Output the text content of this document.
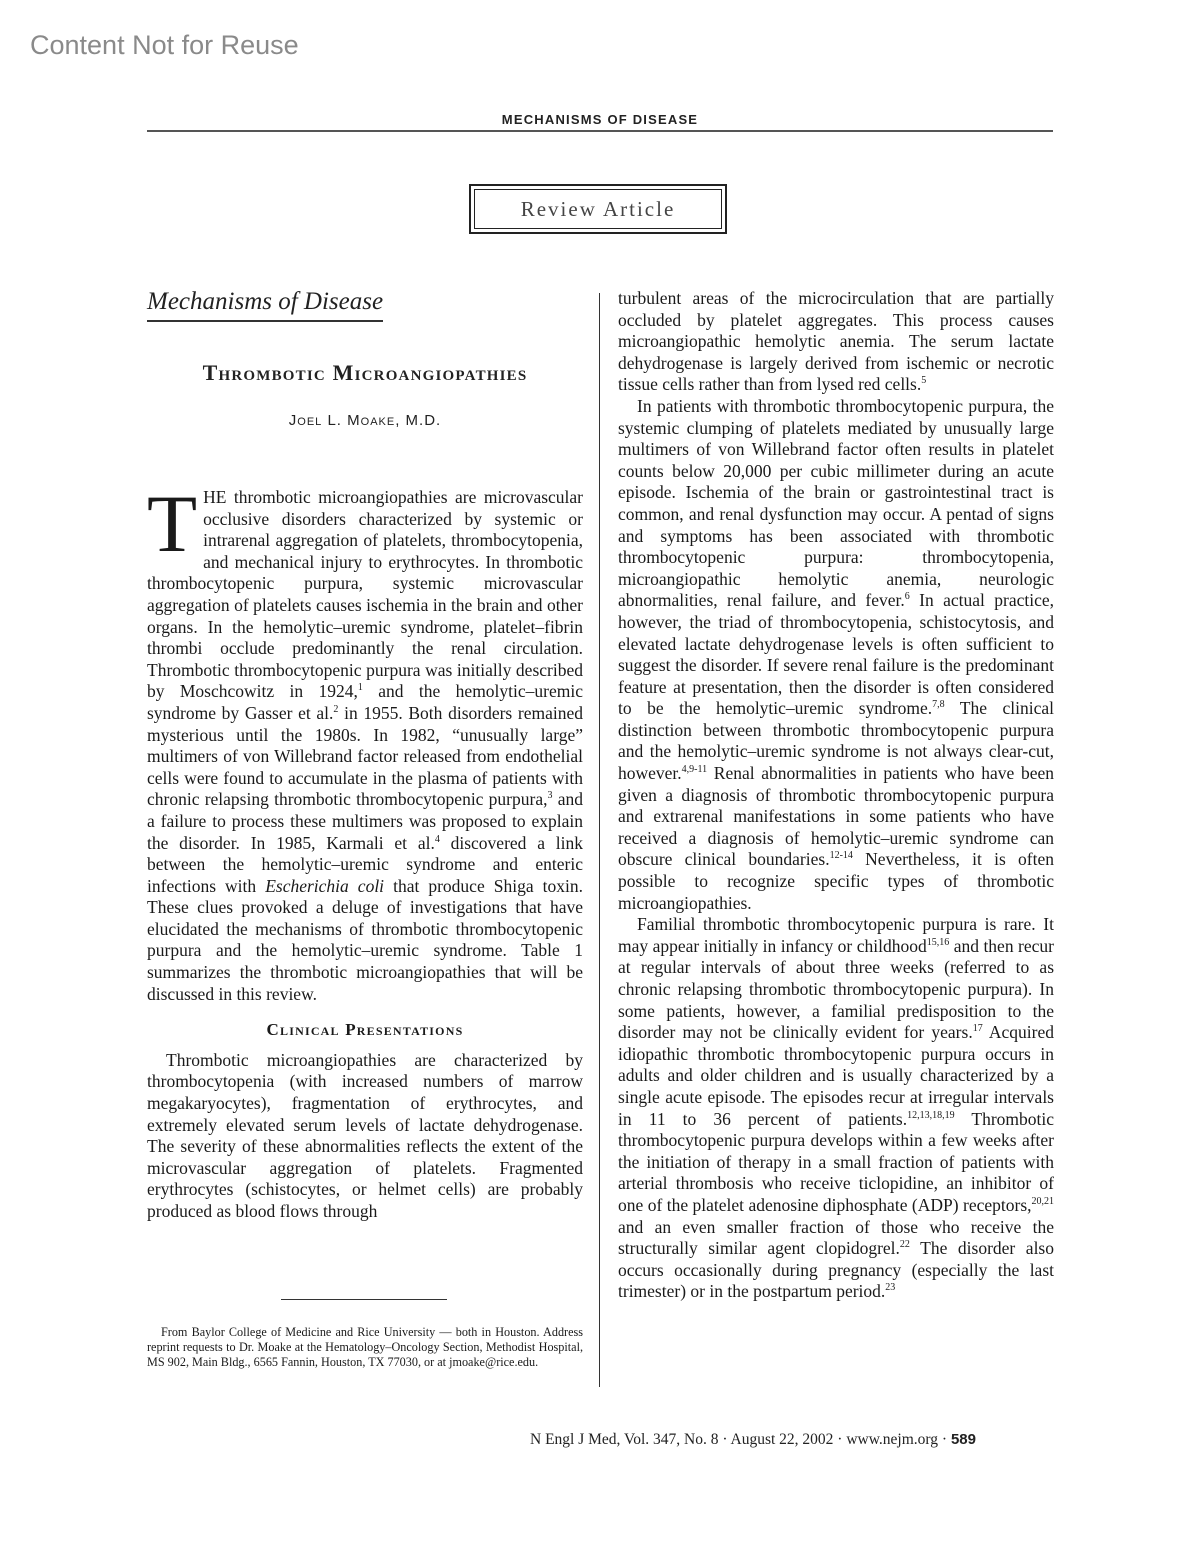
Content Not for Reuse
MECHANISMS OF DISEASE
Review Article
Mechanisms of Disease
Thrombotic Microangiopathies
Joel L. Moake, M.D.

THE thrombotic microangiopathies are microvascular occlusive disorders characterized by systemic or intrarenal aggregation of platelets, thrombocytopenia, and mechanical injury to erythrocytes. In thrombotic thrombocytopenic purpura, systemic microvascular aggregation of platelets causes ischemia in the brain and other organs. In the hemolytic–uremic syndrome, platelet–fibrin thrombi occlude predominantly the renal circulation. Thrombotic thrombocytopenic purpura was initially described by Moschcowitz in 1924,$^1$ and the hemolytic–uremic syndrome by Gasser et al.$^2$ in 1955. Both disorders remained mysterious until the 1980s. In 1982, “unusually large” multimers of von Willebrand factor released from endothelial cells were found to accumulate in the plasma of patients with chronic relapsing thrombotic thrombocytopenic purpura,$^3$ and a failure to process these multimers was proposed to explain the disorder. In 1985, Karmali et al.$^4$ discovered a link between the hemolytic–uremic syndrome and enteric infections with Escherichia coli that produce Shiga toxin. These clues provoked a deluge of investigations that have elucidated the mechanisms of thrombotic thrombocytopenic purpura and the hemolytic–uremic syndrome. Table 1 summarizes the thrombotic microangiopathies that will be discussed in this review.

Clinical Presentations

Thrombotic microangiopathies are characterized by thrombocytopenia (with increased numbers of marrow megakaryocytes), fragmentation of erythrocytes, and extremely elevated serum levels of lactate dehydrogenase. The severity of these abnormalities reflects the extent of the microvascular aggregation of platelets. Fragmented erythrocytes (schistocytes, or helmet cells) are probably produced as blood flows through

turbulent areas of the microcirculation that are partially occluded by platelet aggregates. This process causes microangiopathic hemolytic anemia. The serum lactate dehydrogenase is largely derived from ischemic or necrotic tissue cells rather than from lysed red cells.$^5$

In patients with thrombotic thrombocytopenic purpura, the systemic clumping of platelets mediated by unusually large multimers of von Willebrand factor often results in platelet counts below 20,000 per cubic millimeter during an acute episode. Ischemia of the brain or gastrointestinal tract is common, and renal dysfunction may occur. A pentad of signs and symptoms has been associated with thrombotic thrombocytopenic purpura: thrombocytopenia, microangiopathic hemolytic anemia, neurologic abnormalities, renal failure, and fever.$^6$ In actual practice, however, the triad of thrombocytopenia, schistocytosis, and elevated lactate dehydrogenase levels is often sufficient to suggest the disorder. If severe renal failure is the predominant feature at presentation, then the disorder is often considered to be the hemolytic–uremic syndrome.$^{7,8}$ The clinical distinction between thrombotic thrombocytopenic purpura and the hemolytic–uremic syndrome is not always clear-cut, however.$^{4,9-11}$ Renal abnormalities in patients who have been given a diagnosis of thrombotic thrombocytopenic purpura and extrarenal manifestations in some patients who have received a diagnosis of hemolytic–uremic syndrome can obscure clinical boundaries.$^{12-14}$ Nevertheless, it is often possible to recognize specific types of thrombotic microangiopathies.

Familial thrombotic thrombocytopenic purpura is rare. It may appear initially in infancy or childhood$^{15,16}$ and then recur at regular intervals of about three weeks (referred to as chronic relapsing thrombotic thrombocytopenic purpura). In some patients, however, a familial predisposition to the disorder may not be clinically evident for years.$^{17}$ Acquired idiopathic thrombotic thrombocytopenic purpura occurs in adults and older children and is usually characterized by a single acute episode. The episodes recur at irregular intervals in 11 to 36 percent of patients.$^{12,13,18,19}$ Thrombotic thrombocytopenic purpura develops within a few weeks after the initiation of therapy in a small fraction of patients with arterial thrombosis who receive ticlopidine, an inhibitor of one of the platelet adenosine diphosphate (ADP) receptors,$^{20,21}$ and an even smaller fraction of those who receive the structurally similar agent clopidogrel.$^{22}$ The disorder also occurs occasionally during pregnancy (especially the last trimester) or in the postpartum period.$^{23}$

From Baylor College of Medicine and Rice University — both in Houston. Address reprint requests to Dr. Moake at the Hematology–Oncology Section, Methodist Hospital, MS 902, Main Bldg., 6565 Fannin, Houston, TX 77030, or at jmoake@rice.edu.
N Engl J Med, Vol. 347, No. 8 · August 22, 2002 · www.nejm.org · 589
